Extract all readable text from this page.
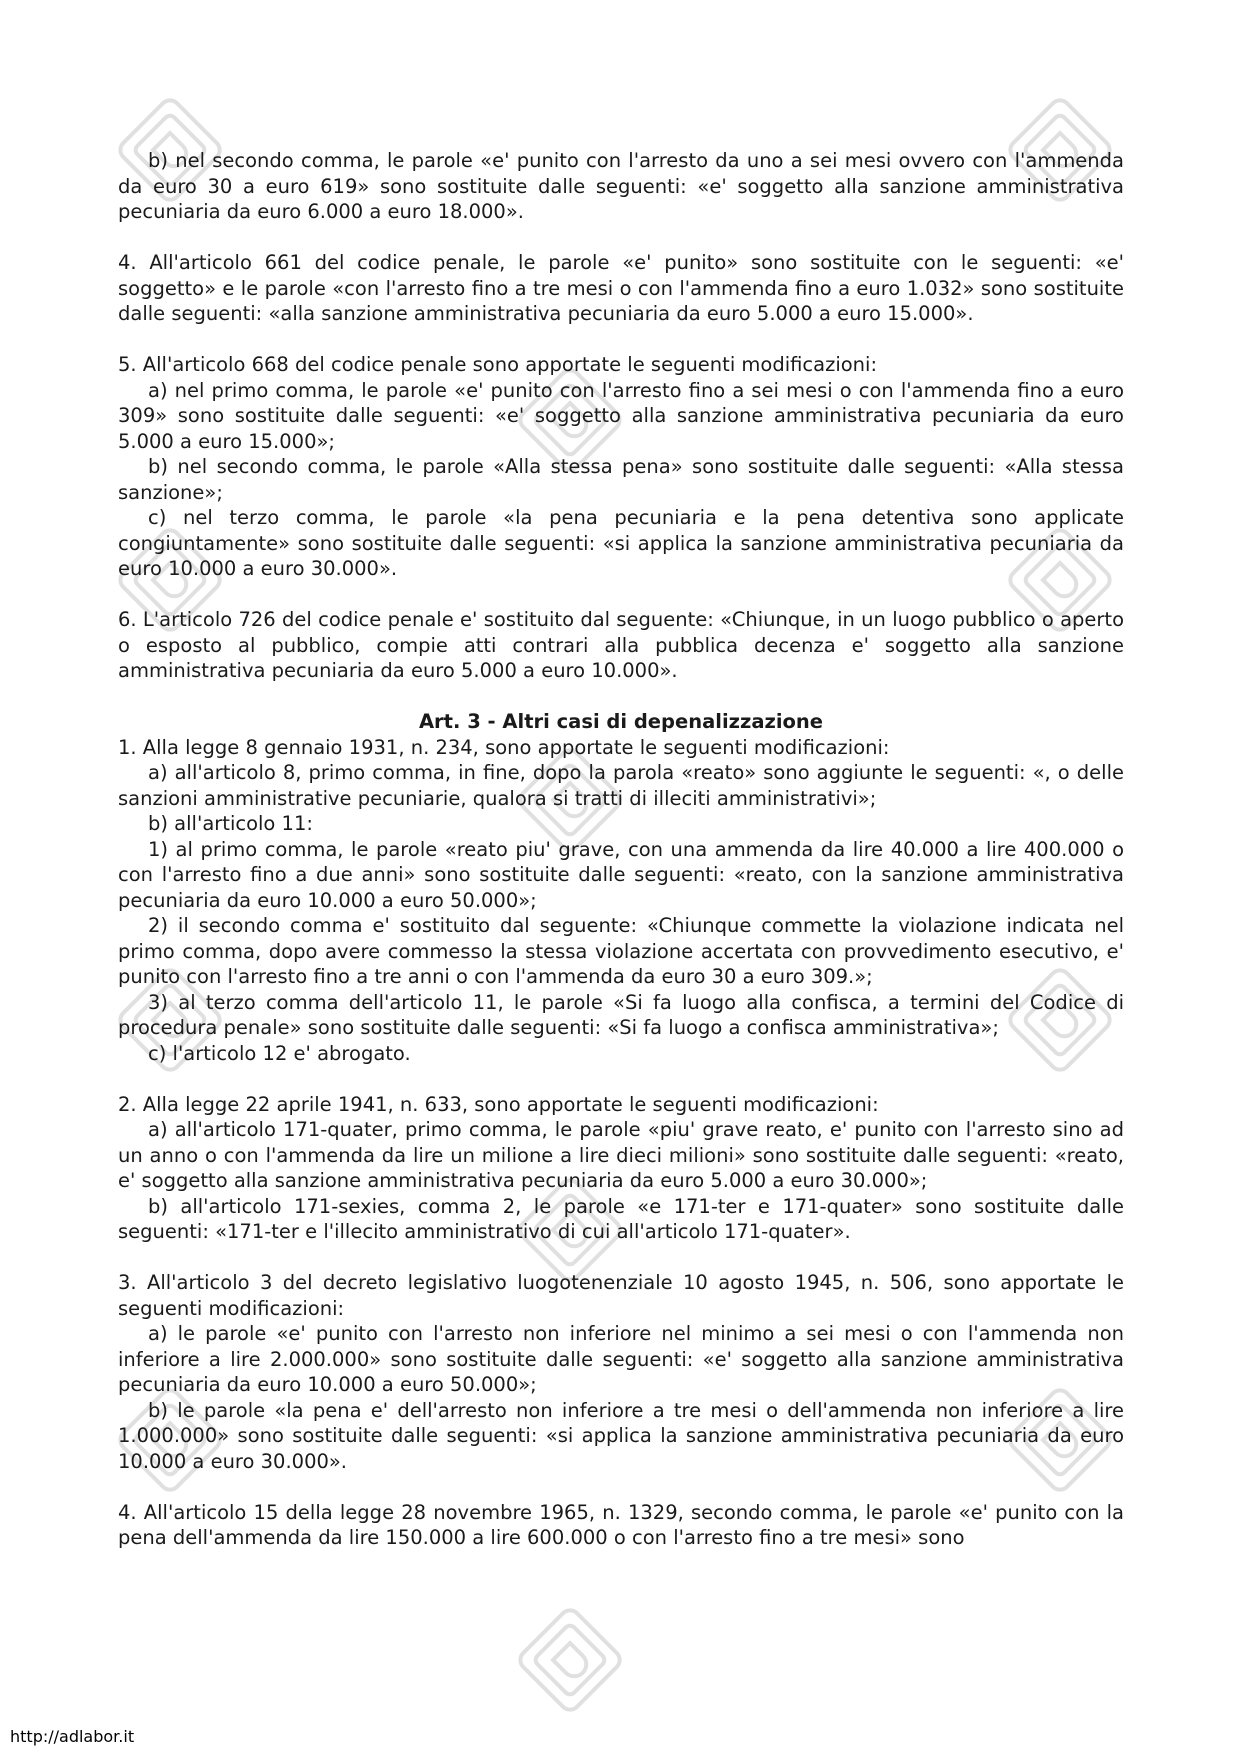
b) nel secondo comma, le parole «e' punito con l'arresto da uno a sei mesi ovvero con l'ammenda da euro 30 a euro 619» sono sostituite dalle seguenti: «e' soggetto alla sanzione amministrativa pecuniaria da euro 6.000 a euro 18.000».

4. All'articolo 661 del codice penale, le parole «e' punito» sono sostituite con le seguenti: «e' soggetto» e le parole «con l'arresto fino a tre mesi o con l'ammenda fino a euro 1.032» sono sostituite dalle seguenti: «alla sanzione amministrativa pecuniaria da euro 5.000 a euro 15.000».

5. All'articolo 668 del codice penale sono apportate le seguenti modificazioni:

a) nel primo comma, le parole «e' punito con l'arresto fino a sei mesi o con l'ammenda fino a euro 309» sono sostituite dalle seguenti: «e' soggetto alla sanzione amministrativa pecuniaria da euro 5.000 a euro 15.000»;

b) nel secondo comma, le parole «Alla stessa pena» sono sostituite dalle seguenti: «Alla stessa sanzione»;

c) nel terzo comma, le parole «la pena pecuniaria e la pena detentiva sono applicate congiuntamente» sono sostituite dalle seguenti: «si applica la sanzione amministrativa pecuniaria da euro 10.000 a euro 30.000».

6. L'articolo 726 del codice penale e' sostituito dal seguente: «Chiunque, in un luogo pubblico o aperto o esposto al pubblico, compie atti contrari alla pubblica decenza e' soggetto alla sanzione amministrativa pecuniaria da euro 5.000 a euro 10.000».

Art. 3 - Altri casi di depenalizzazione

1. Alla legge 8 gennaio 1931, n. 234, sono apportate le seguenti modificazioni:

a) all'articolo 8, primo comma, in fine, dopo la parola «reato» sono aggiunte le seguenti: «, o delle sanzioni amministrative pecuniarie, qualora si tratti di illeciti amministrativi»;

b) all'articolo 11:

1) al primo comma, le parole «reato piu' grave, con una ammenda da lire 40.000 a lire 400.000 o con l'arresto fino a due anni» sono sostituite dalle seguenti: «reato, con la sanzione amministrativa pecuniaria da euro 10.000 a euro 50.000»;

2) il secondo comma e' sostituito dal seguente: «Chiunque commette la violazione indicata nel primo comma, dopo avere commesso la stessa violazione accertata con provvedimento esecutivo, e' punito con l'arresto fino a tre anni o con l'ammenda da euro 30 a euro 309.»;

3) al terzo comma dell'articolo 11, le parole «Si fa luogo alla confisca, a termini del Codice di procedura penale» sono sostituite dalle seguenti: «Si fa luogo a confisca amministrativa»;

c) l'articolo 12 e' abrogato.

2. Alla legge 22 aprile 1941, n. 633, sono apportate le seguenti modificazioni:

a) all'articolo 171-quater, primo comma, le parole «piu' grave reato, e' punito con l'arresto sino ad un anno o con l'ammenda da lire un milione a lire dieci milioni» sono sostituite dalle seguenti: «reato, e' soggetto alla sanzione amministrativa pecuniaria da euro 5.000 a euro 30.000»;

b) all'articolo 171-sexies, comma 2, le parole «e 171-ter e 171-quater» sono sostituite dalle seguenti: «171-ter e l'illecito amministrativo di cui all'articolo 171-quater».

3. All'articolo 3 del decreto legislativo luogotenenziale 10 agosto 1945, n. 506, sono apportate le seguenti modificazioni:

a) le parole «e' punito con l'arresto non inferiore nel minimo a sei mesi o con l'ammenda non inferiore a lire 2.000.000» sono sostituite dalle seguenti: «e' soggetto alla sanzione amministrativa pecuniaria da euro 10.000 a euro 50.000»;

b) le parole «la pena e' dell'arresto non inferiore a tre mesi o dell'ammenda non inferiore a lire 1.000.000» sono sostituite dalle seguenti: «si applica la sanzione amministrativa pecuniaria da euro 10.000 a euro 30.000».

4. All'articolo 15 della legge 28 novembre 1965, n. 1329, secondo comma, le parole «e' punito con la pena dell'ammenda da lire 150.000 a lire 600.000 o con l'arresto fino a tre mesi» sono

http://adlabor.it
